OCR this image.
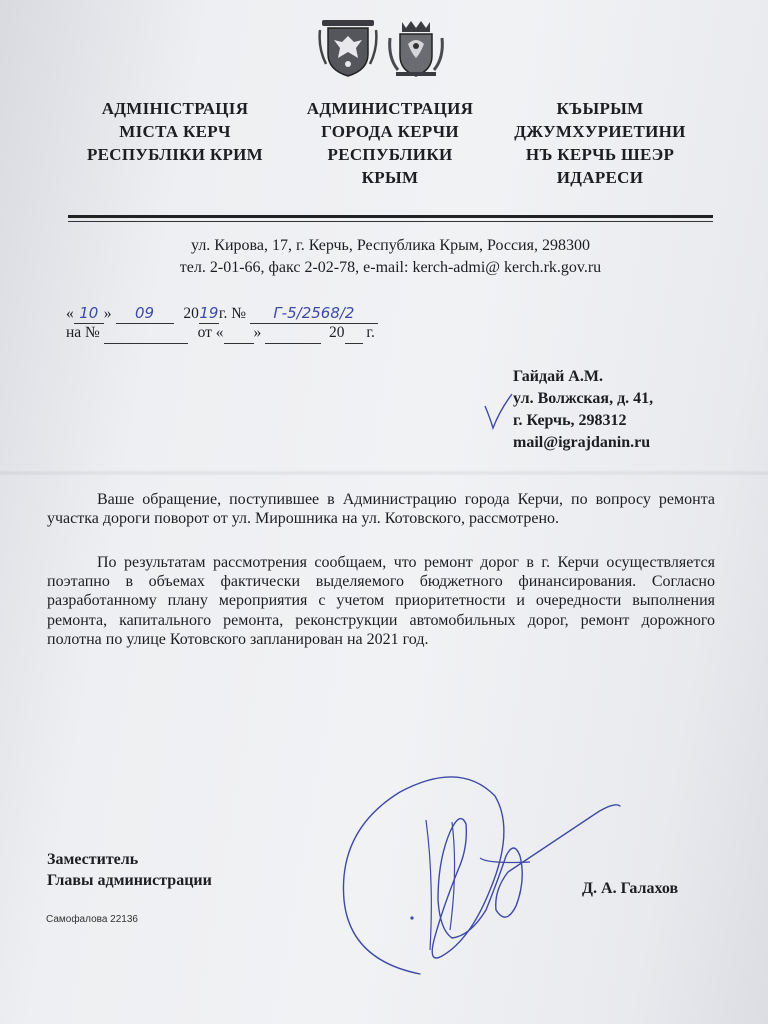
АДМІНІСТРАЦІЯ
МІСТА КЕРЧ
РЕСПУБЛІКИ КРИМ
АДМИНИСТРАЦИЯ
ГОРОДА КЕРЧИ
РЕСПУБЛИКИ
КРЫМ
КЪЫРЫМ
ДЖУМХУРИЕТИНИ
НЪ КЕРЧЬ ШЕЭР
ИДАРЕСИ
ул. Кирова, 17, г. Керчь, Республика Крым, Россия, 298300
тел. 2-01-66, факс 2-02-78, e-mail: kerch-admi@ kerch.rk.gov.ru
« 10 » 09 2019г. № Г-5/2568/2
на №	от « »	20 г.
Гайдай А.М.
ул. Волжская, д. 41,
г. Керчь, 298312
mail@igrajdanin.ru
Ваше обращение, поступившее в Администрацию города Керчи, по вопросу ремонта участка дороги поворот от ул. Мирошника на ул. Котовского, рассмотрено.
По результатам рассмотрения сообщаем, что ремонт дорог в г. Керчи осуществляется поэтапно в объемах фактически выделяемого бюджетного финансирования. Согласно разработанному плану мероприятия с учетом приоритетности и очередности выполнения ремонта, капитального ремонта, реконструкции автомобильных дорог, ремонт дорожного полотна по улице Котовского запланирован на 2021 год.
Заместитель
Главы администрации	Д. А. Галахов
Самофалова 22136
